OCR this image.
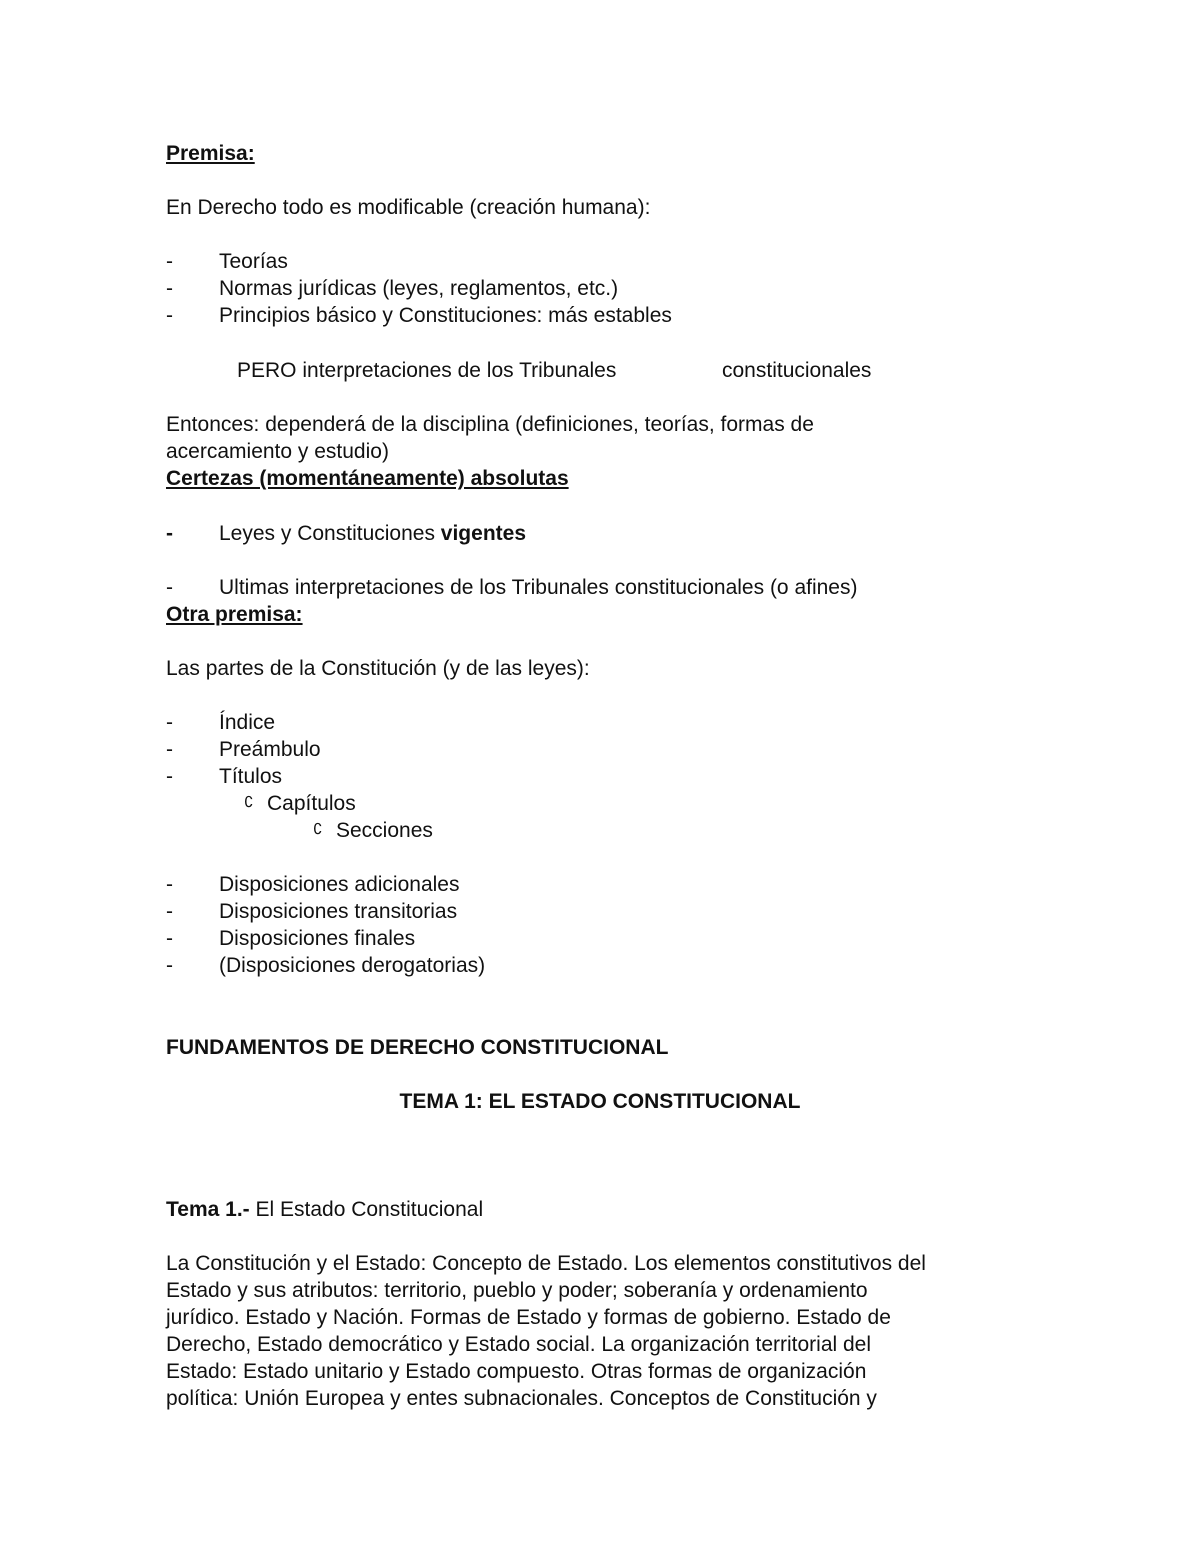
Premisa:
En Derecho todo es modificable (creación humana):
- Teorías
- Normas jurídicas (leyes, reglamentos, etc.)
- Principios básico y Constituciones: más estables
PERO interpretaciones de los Tribunales	constitucionales
Entonces: dependerá de la disciplina (definiciones, teorías, formas de
acercamiento y estudio)
Certezas (momentáneamente) absolutas
- Leyes y Constituciones vigentes
- Ultimas interpretaciones de los Tribunales constitucionales (o afines)
Otra premisa:
Las partes de la Constitución (y de las leyes):
- Índice
- Preámbulo
- Títulos
∁ Capítulos
∁ Secciones
- Disposiciones adicionales
- Disposiciones transitorias
- Disposiciones finales
- (Disposiciones derogatorias)
FUNDAMENTOS DE DERECHO CONSTITUCIONAL
TEMA 1: EL ESTADO CONSTITUCIONAL
Tema 1.- El Estado Constitucional
La Constitución y el Estado: Concepto de Estado. Los elementos constitutivos del
Estado y sus atributos: territorio, pueblo y poder; soberanía y ordenamiento
jurídico. Estado y Nación. Formas de Estado y formas de gobierno. Estado de
Derecho, Estado democrático y Estado social. La organización territorial del
Estado: Estado unitario y Estado compuesto. Otras formas de organización
política: Unión Europea y entes subnacionales. Conceptos de Constitución y
